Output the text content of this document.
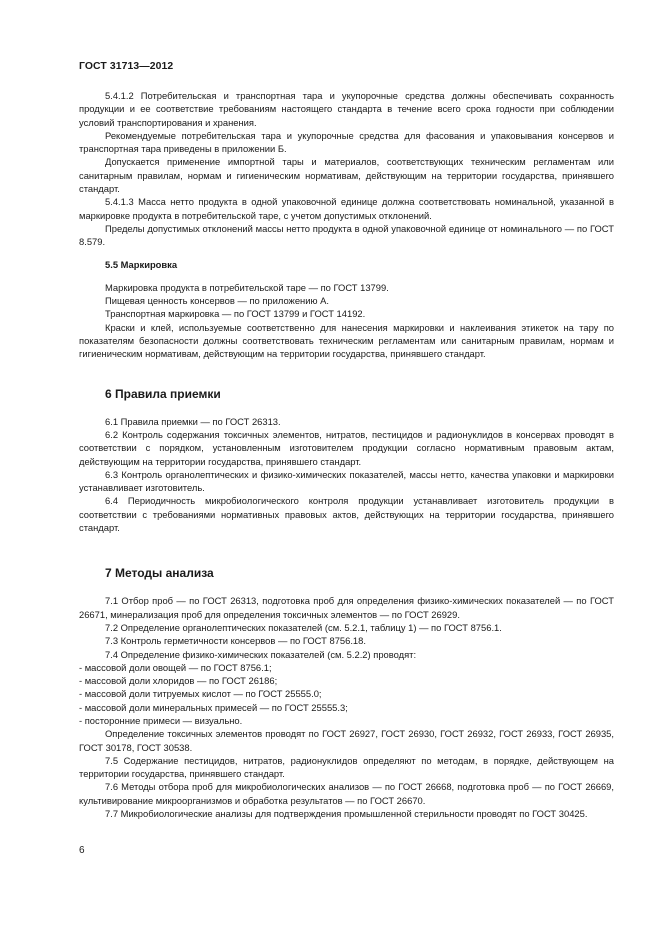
ГОСТ 31713—2012

5.4.1.2 Потребительская и транспортная тара и укупорочные средства должны обеспечивать сохранность продукции и ее соответствие требованиям настоящего стандарта в течение всего срока годности при соблюдении условий транспортирования и хранения.

Рекомендуемые потребительская тара и укупорочные средства для фасования и упаковывания консервов и транспортная тара приведены в приложении Б.

Допускается применение импортной тары и материалов, соответствующих техническим регламентам или санитарным правилам, нормам и гигиеническим нормативам, действующим на территории государства, принявшего стандарт.

5.4.1.3 Масса нетто продукта в одной упаковочной единице должна соответствовать номинальной, указанной в маркировке продукта в потребительской таре, с учетом допустимых отклонений.

Пределы допустимых отклонений массы нетто продукта в одной упаковочной единице от номинального — по ГОСТ 8.579.

5.5 Маркировка

Маркировка продукта в потребительской таре — по ГОСТ 13799.

Пищевая ценность консервов — по приложению А.

Транспортная маркировка — по ГОСТ 13799 и ГОСТ 14192.

Краски и клей, используемые соответственно для нанесения маркировки и наклеивания этикеток на тару по показателям безопасности должны соответствовать техническим регламентам или санитарным правилам, нормам и гигиеническим нормативам, действующим на территории государства, принявшего стандарт.

6 Правила приемки

6.1 Правила приемки — по ГОСТ 26313.

6.2 Контроль содержания токсичных элементов, нитратов, пестицидов и радионуклидов в консервах проводят в соответствии с порядком, установленным изготовителем продукции согласно нормативным правовым актам, действующим на территории государства, принявшего стандарт.

6.3 Контроль органолептических и физико-химических показателей, массы нетто, качества упаковки и маркировки устанавливает изготовитель.

6.4 Периодичность микробиологического контроля продукции устанавливает изготовитель продукции в соответствии с требованиями нормативных правовых актов, действующих на территории государства, принявшего стандарт.

7 Методы анализа

7.1 Отбор проб — по ГОСТ 26313, подготовка проб для определения физико-химических показателей — по ГОСТ 26671, минерализация проб для определения токсичных элементов — по ГОСТ 26929.

7.2 Определение органолептических показателей (см. 5.2.1, таблицу 1) — по ГОСТ 8756.1.

7.3 Контроль герметичности консервов — по ГОСТ 8756.18.

7.4 Определение физико-химических показателей (см. 5.2.2) проводят:

- массовой доли овощей — по ГОСТ 8756.1;

- массовой доли хлоридов — по ГОСТ 26186;

- массовой доли титруемых кислот — по ГОСТ 25555.0;

- массовой доли минеральных примесей — по ГОСТ 25555.3;

- посторонние примеси — визуально.

Определение токсичных элементов проводят по ГОСТ 26927, ГОСТ 26930, ГОСТ 26932, ГОСТ 26933, ГОСТ 26935, ГОСТ 30178, ГОСТ 30538.

7.5 Содержание пестицидов, нитратов, радионуклидов определяют по методам, в порядке, действующем на территории государства, принявшего стандарт.

7.6 Методы отбора проб для микробиологических анализов — по ГОСТ 26668, подготовка проб — по ГОСТ 26669, культивирование микроорганизмов и обработка результатов — по ГОСТ 26670.

7.7 Микробиологические анализы для подтверждения промышленной стерильности проводят по ГОСТ 30425.

6
